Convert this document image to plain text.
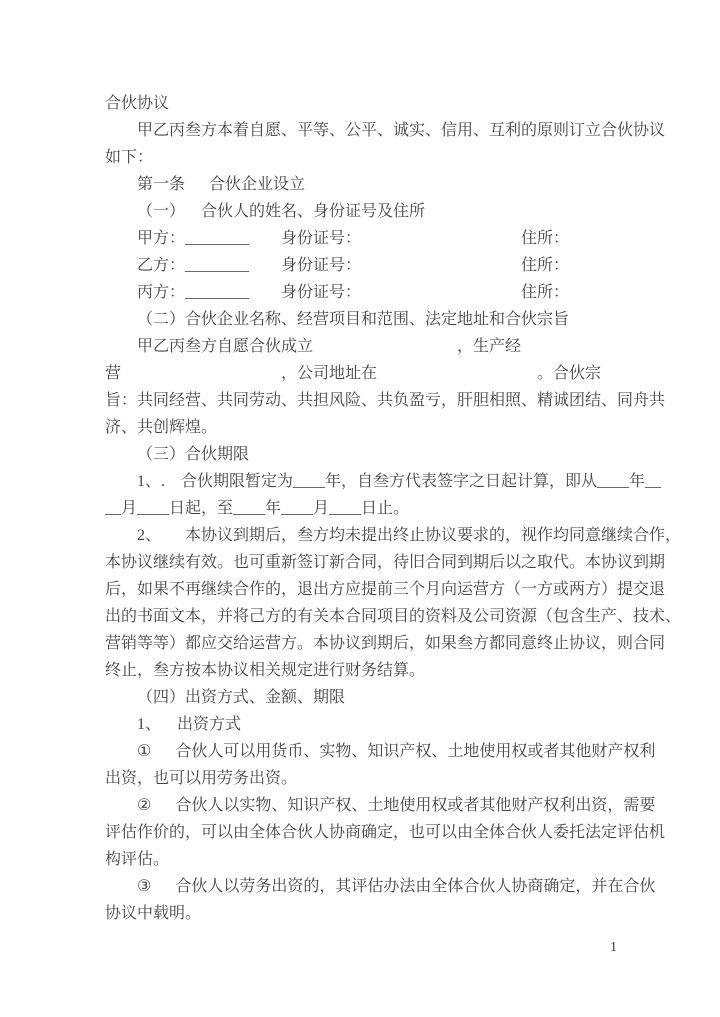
合伙协议
甲乙丙叁方本着自愿、平等、公平、诚实、信用、互利的原则订立合伙协议
如下：
第一条 合伙企业设立
（一） 合伙人的姓名、身份证号及住所
甲方：________ 身份证号：	住所：
乙方：________ 身份证号：	住所：
丙方：________ 身份证号：	住所：
（二）合伙企业名称、经营项目和范围、法定地址和合伙宗旨
甲乙丙叁方自愿合伙成立	，生产经
营	，公司地址在	。合伙宗
旨：共同经营、共同劳动、共担风险、共负盈亏，肝胆相照、精诚团结、同舟共
济、共创辉煌。
（三）合伙期限
1、. 合伙期限暂定为____年，自叁方代表签字之日起计算，即从____年__
__月____日起，至____年____月____日止。
2、 本协议到期后，叁方均未提出终止协议要求的，视作均同意继续合作，
本协议继续有效。也可重新签订新合同，待旧合同到期后以之取代。本协议到期
后，如果不再继续合作的，退出方应提前三个月向运营方（一方或两方）提交退
出的书面文本，并将己方的有关本合同项目的资料及公司资源（包含生产、技术、
营销等等）都应交给运营方。本协议到期后，如果叁方都同意终止协议，则合同
终止，叁方按本协议相关规定进行财务结算。
（四）出资方式、金额、期限
1、 出资方式
① 合伙人可以用货币、实物、知识产权、土地使用权或者其他财产权利
出资，也可以用劳务出资。
② 合伙人以实物、知识产权、土地使用权或者其他财产权利出资，需要
评估作价的，可以由全体合伙人协商确定，也可以由全体合伙人委托法定评估机
构评估。
③ 合伙人以劳务出资的，其评估办法由全体合伙人协商确定，并在合伙
协议中载明。
1
